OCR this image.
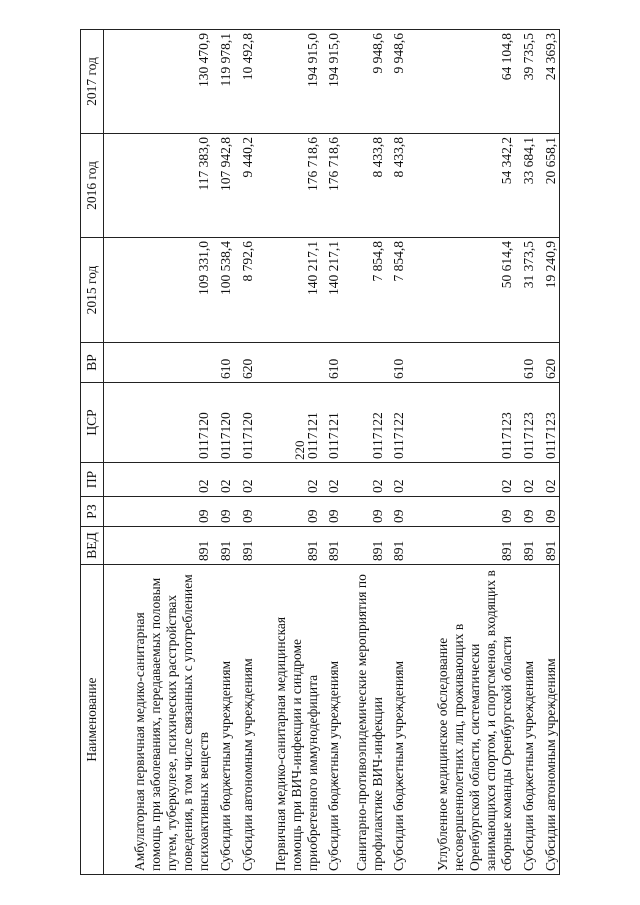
220
Наименование	ВЕД	РЗ	ПР	ЦСР	ВР	2015 год	2016 год	2017 год
Амбулаторная первичная медико-санитарная помощь при заболеваниях, передаваемых половым путем, туберкулезе, психических расстройствах поведения, в том числе связанных с употреблением психоактивных веществ	891	09	02	0117120		109 331,0	117 383,0	130 470,9
Субсидии бюджетным учреждениям	891	09	02	0117120	610	100 538,4	107 942,8	119 978,1
Субсидии автономным учреждениям	891	09	02	0117120	620	8 792,6	9 440,2	10 492,8
Первичная медико-санитарная медицинская помощь при ВИЧ-инфекции и синдроме приобретенного иммунодефицита	891	09	02	0117121		140 217,1	176 718,6	194 915,0
Субсидии бюджетным учреждениям	891	09	02	0117121	610	140 217,1	176 718,6	194 915,0
Санитарно-противоэпидемические мероприятия по профилактике ВИЧ-инфекции	891	09	02	0117122		7 854,8	8 433,8	9 948,6
Субсидии бюджетным учреждениям	891	09	02	0117122	610	7 854,8	8 433,8	9 948,6
Углубленное медицинское обследование несовершеннолетних лиц, проживающих в Оренбургской области, систематически занимающихся спортом, и спортсменов, входящих в сборные команды Оренбургской области	891	09	02	0117123		50 614,4	54 342,2	64 104,8
Субсидии бюджетным учреждениям	891	09	02	0117123	610	31 373,5	33 684,1	39 735,5
Субсидии автономным учреждениям	891	09	02	0117123	620	19 240,9	20 658,1	24 369,3
